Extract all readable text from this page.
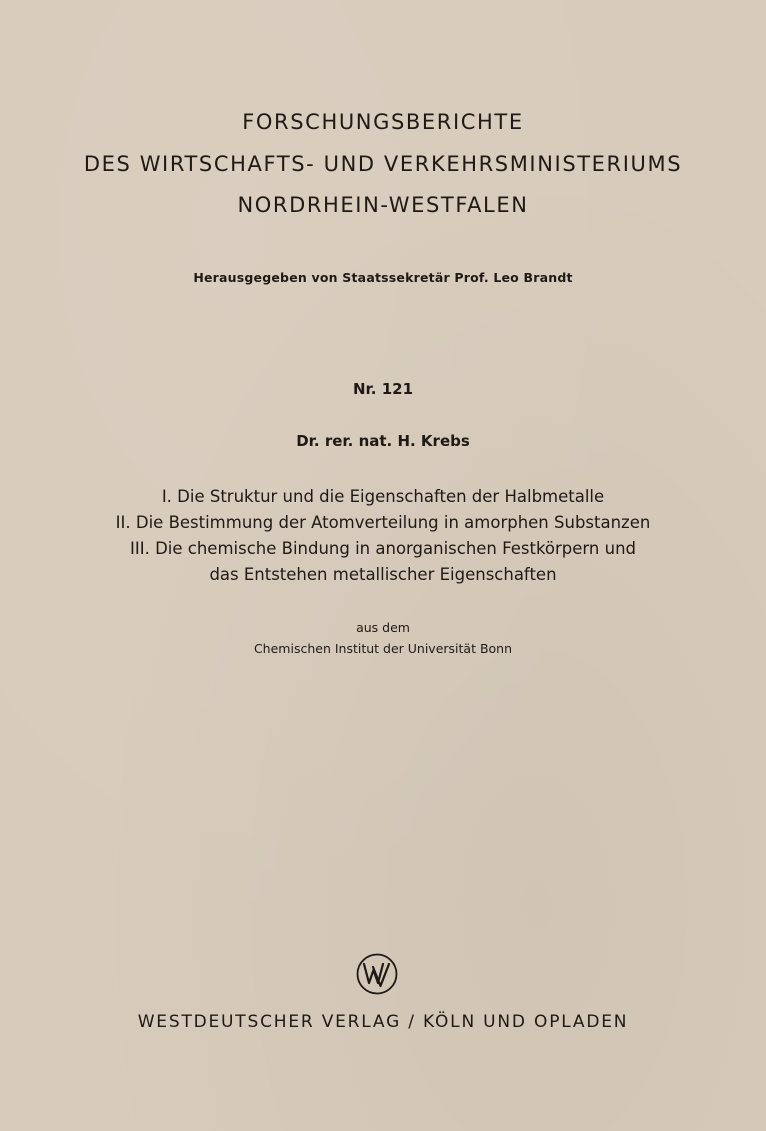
FORSCHUNGSBERICHTE
DES WIRTSCHAFTS- UND VERKEHRSMINISTERIUMS
NORDRHEIN-WESTFALEN
Herausgegeben von Staatssekretär Prof. Leo Brandt
Nr. 121
Dr. rer. nat. H. Krebs
I. Die Struktur und die Eigenschaften der Halbmetalle
II. Die Bestimmung der Atomverteilung in amorphen Substanzen
III. Die chemische Bindung in anorganischen Festkörpern und
das Entstehen metallischer Eigenschaften
aus dem
Chemischen Institut der Universität Bonn
WESTDEUTSCHER VERLAG / KÖLN UND OPLADEN
